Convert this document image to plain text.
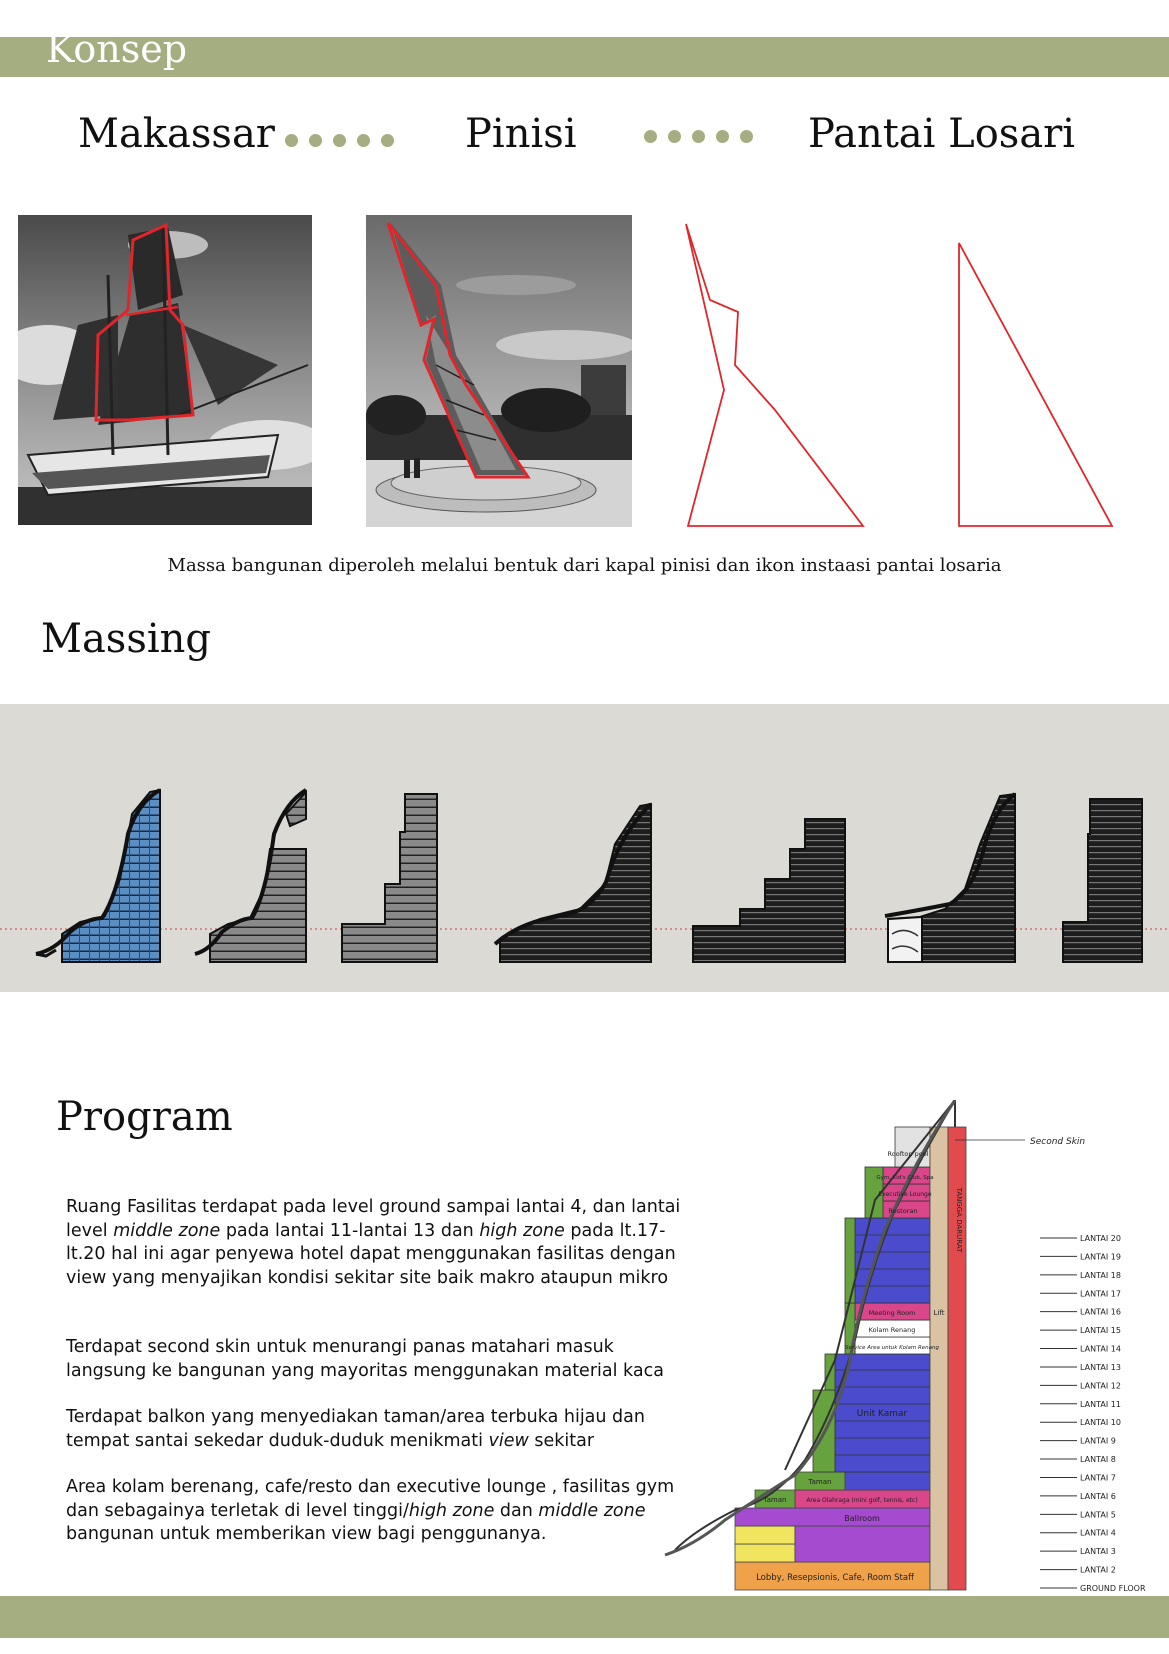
Konsep
Makassar	Pinisi	Pantai Losari
Massa bangunan diperoleh melalui bentuk dari kapal pinisi dan ikon instaasi pantai losaria
Massing
Program

Ruang Fasilitas terdapat pada level ground sampai lantai 4, dan lantai level middle zone pada lantai 11-lantai 13 dan high zone pada lt.17-lt.20 hal ini agar penyewa hotel dapat menggunakan fasilitas dengan view yang menyajikan kondisi sekitar site baik makro ataupun mikro

Terdapat second skin untuk menurangi panas matahari masuk langsung ke bangunan yang mayoritas menggunakan material kaca

Terdapat balkon yang menyediakan taman/area terbuka hijau dan tempat santai sekedar duduk-duduk menikmati view sekitar

Area kolam berenang, cafe/resto dan executive lounge , fasilitas gym dan sebagainya terletak di level tinggi/high zone dan middle zone bangunan untuk memberikan view bagi penggunanya.

Rooftop pool
Gym, Kid's Club, Spa
Executive Lounge
Restoran
Meeting Room	Lift
Kolam Renang
Service Area untuk Kolam Renang
Unit Kamar
Taman
Taman	Area Olahraga (mini golf, tennis, etc)
Ballroom
Lobby, Resepsionis, Cafe, Room Staff
TANGGA DARURAT
Second Skin
LANTAI 20
LANTAI 19
LANTAI 18
LANTAI 17
LANTAI 16
LANTAI 15
LANTAI 14
LANTAI 13
LANTAI 12
LANTAI 11
LANTAI 10
LANTAI 9
LANTAI 8
LANTAI 7
LANTAI 6
LANTAI 5
LANTAI 4
LANTAI 3
LANTAI 2
GROUND FLOOR
